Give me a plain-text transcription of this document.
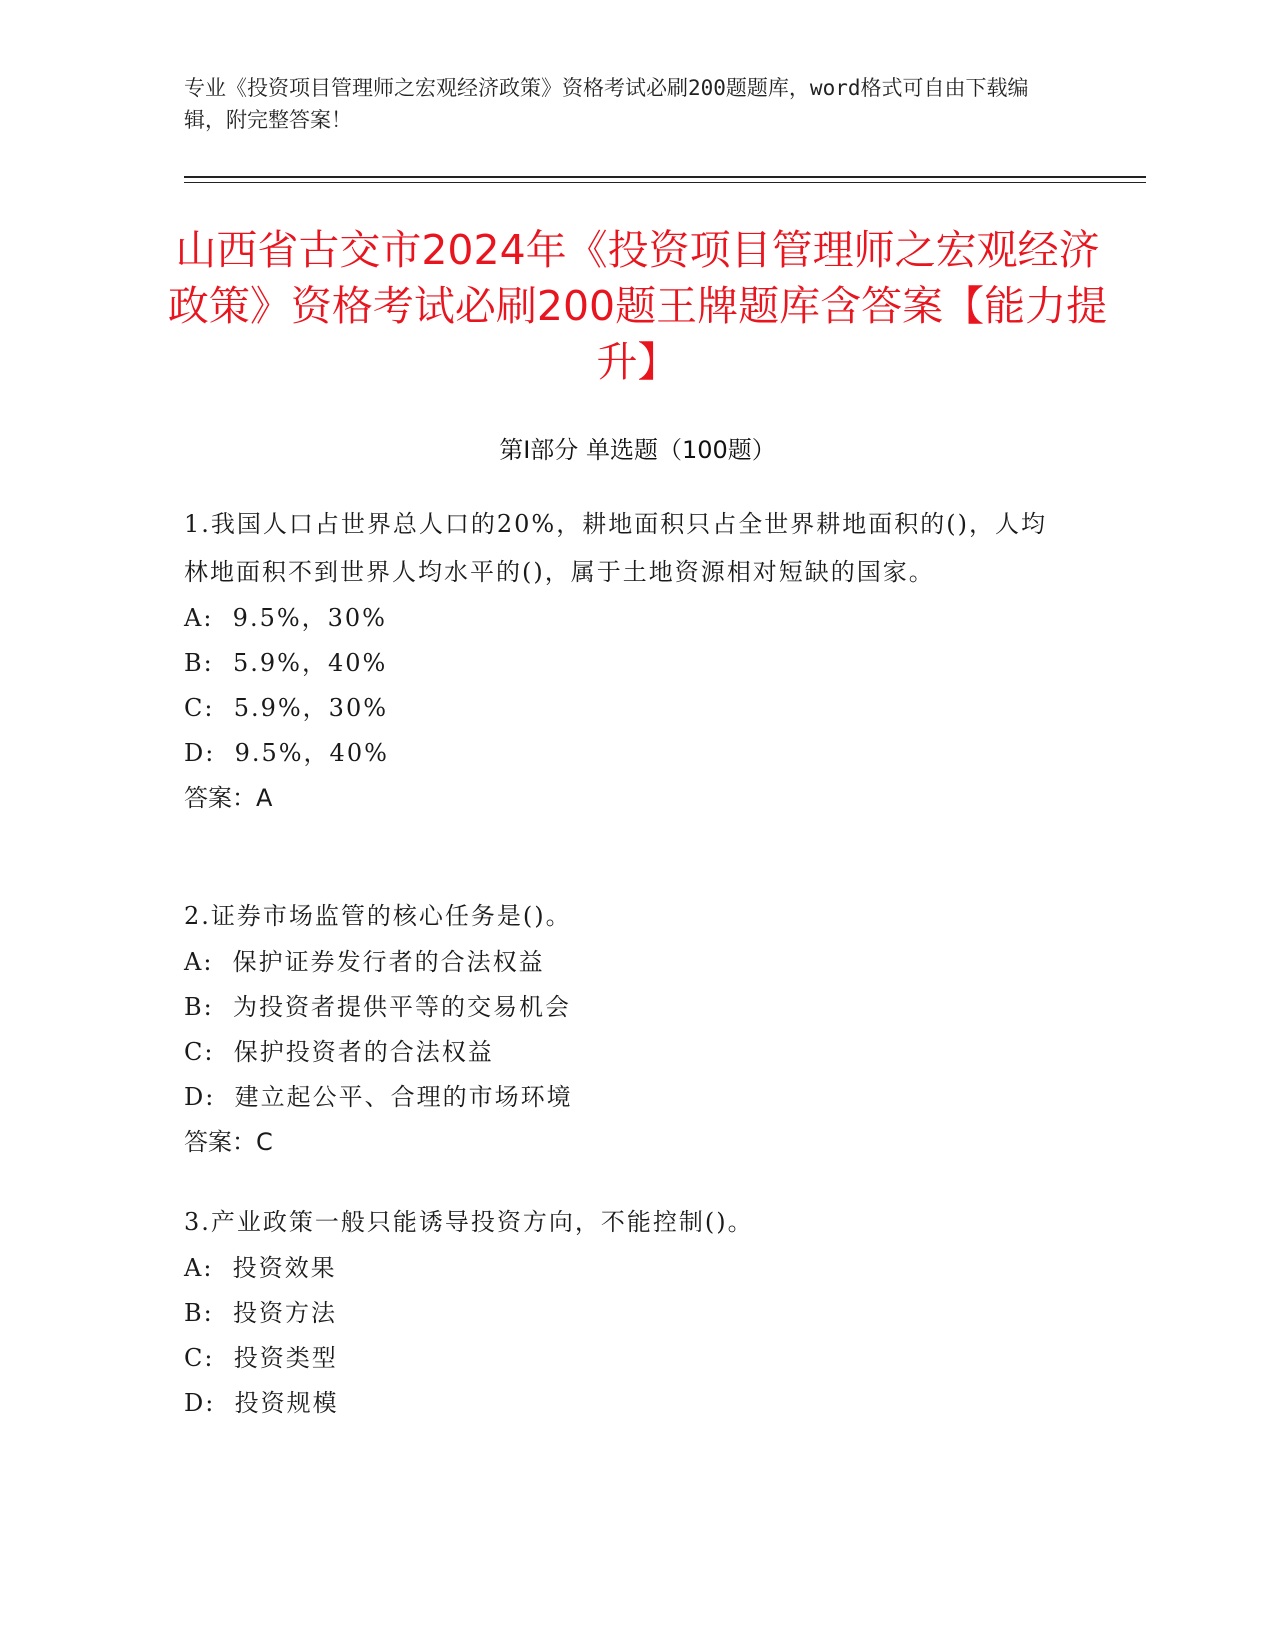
专业《投资项目管理师之宏观经济政策》资格考试必刷200题题库，word格式可自由下载编辑，附完整答案！
山西省古交市2024年《投资项目管理师之宏观经济政策》资格考试必刷200题王牌题库含答案【能力提升】
第Ⅰ部分 单选题（100题）

1.我国人口占世界总人口的20%，耕地面积只占全世界耕地面积的()，人均林地面积不到世界人均水平的()，属于土地资源相对短缺的国家。

A:  9.5%，30%

B:  5.9%，40%

C:  5.9%，30%

D:  9.5%，40%

答案：A

2.证券市场监管的核心任务是()。

A:  保护证券发行者的合法权益

B:  为投资者提供平等的交易机会

C:  保护投资者的合法权益

D:  建立起公平、合理的市场环境

答案：C

3.产业政策一般只能诱导投资方向，不能控制()。

A:  投资效果

B:  投资方法

C:  投资类型

D:  投资规模
